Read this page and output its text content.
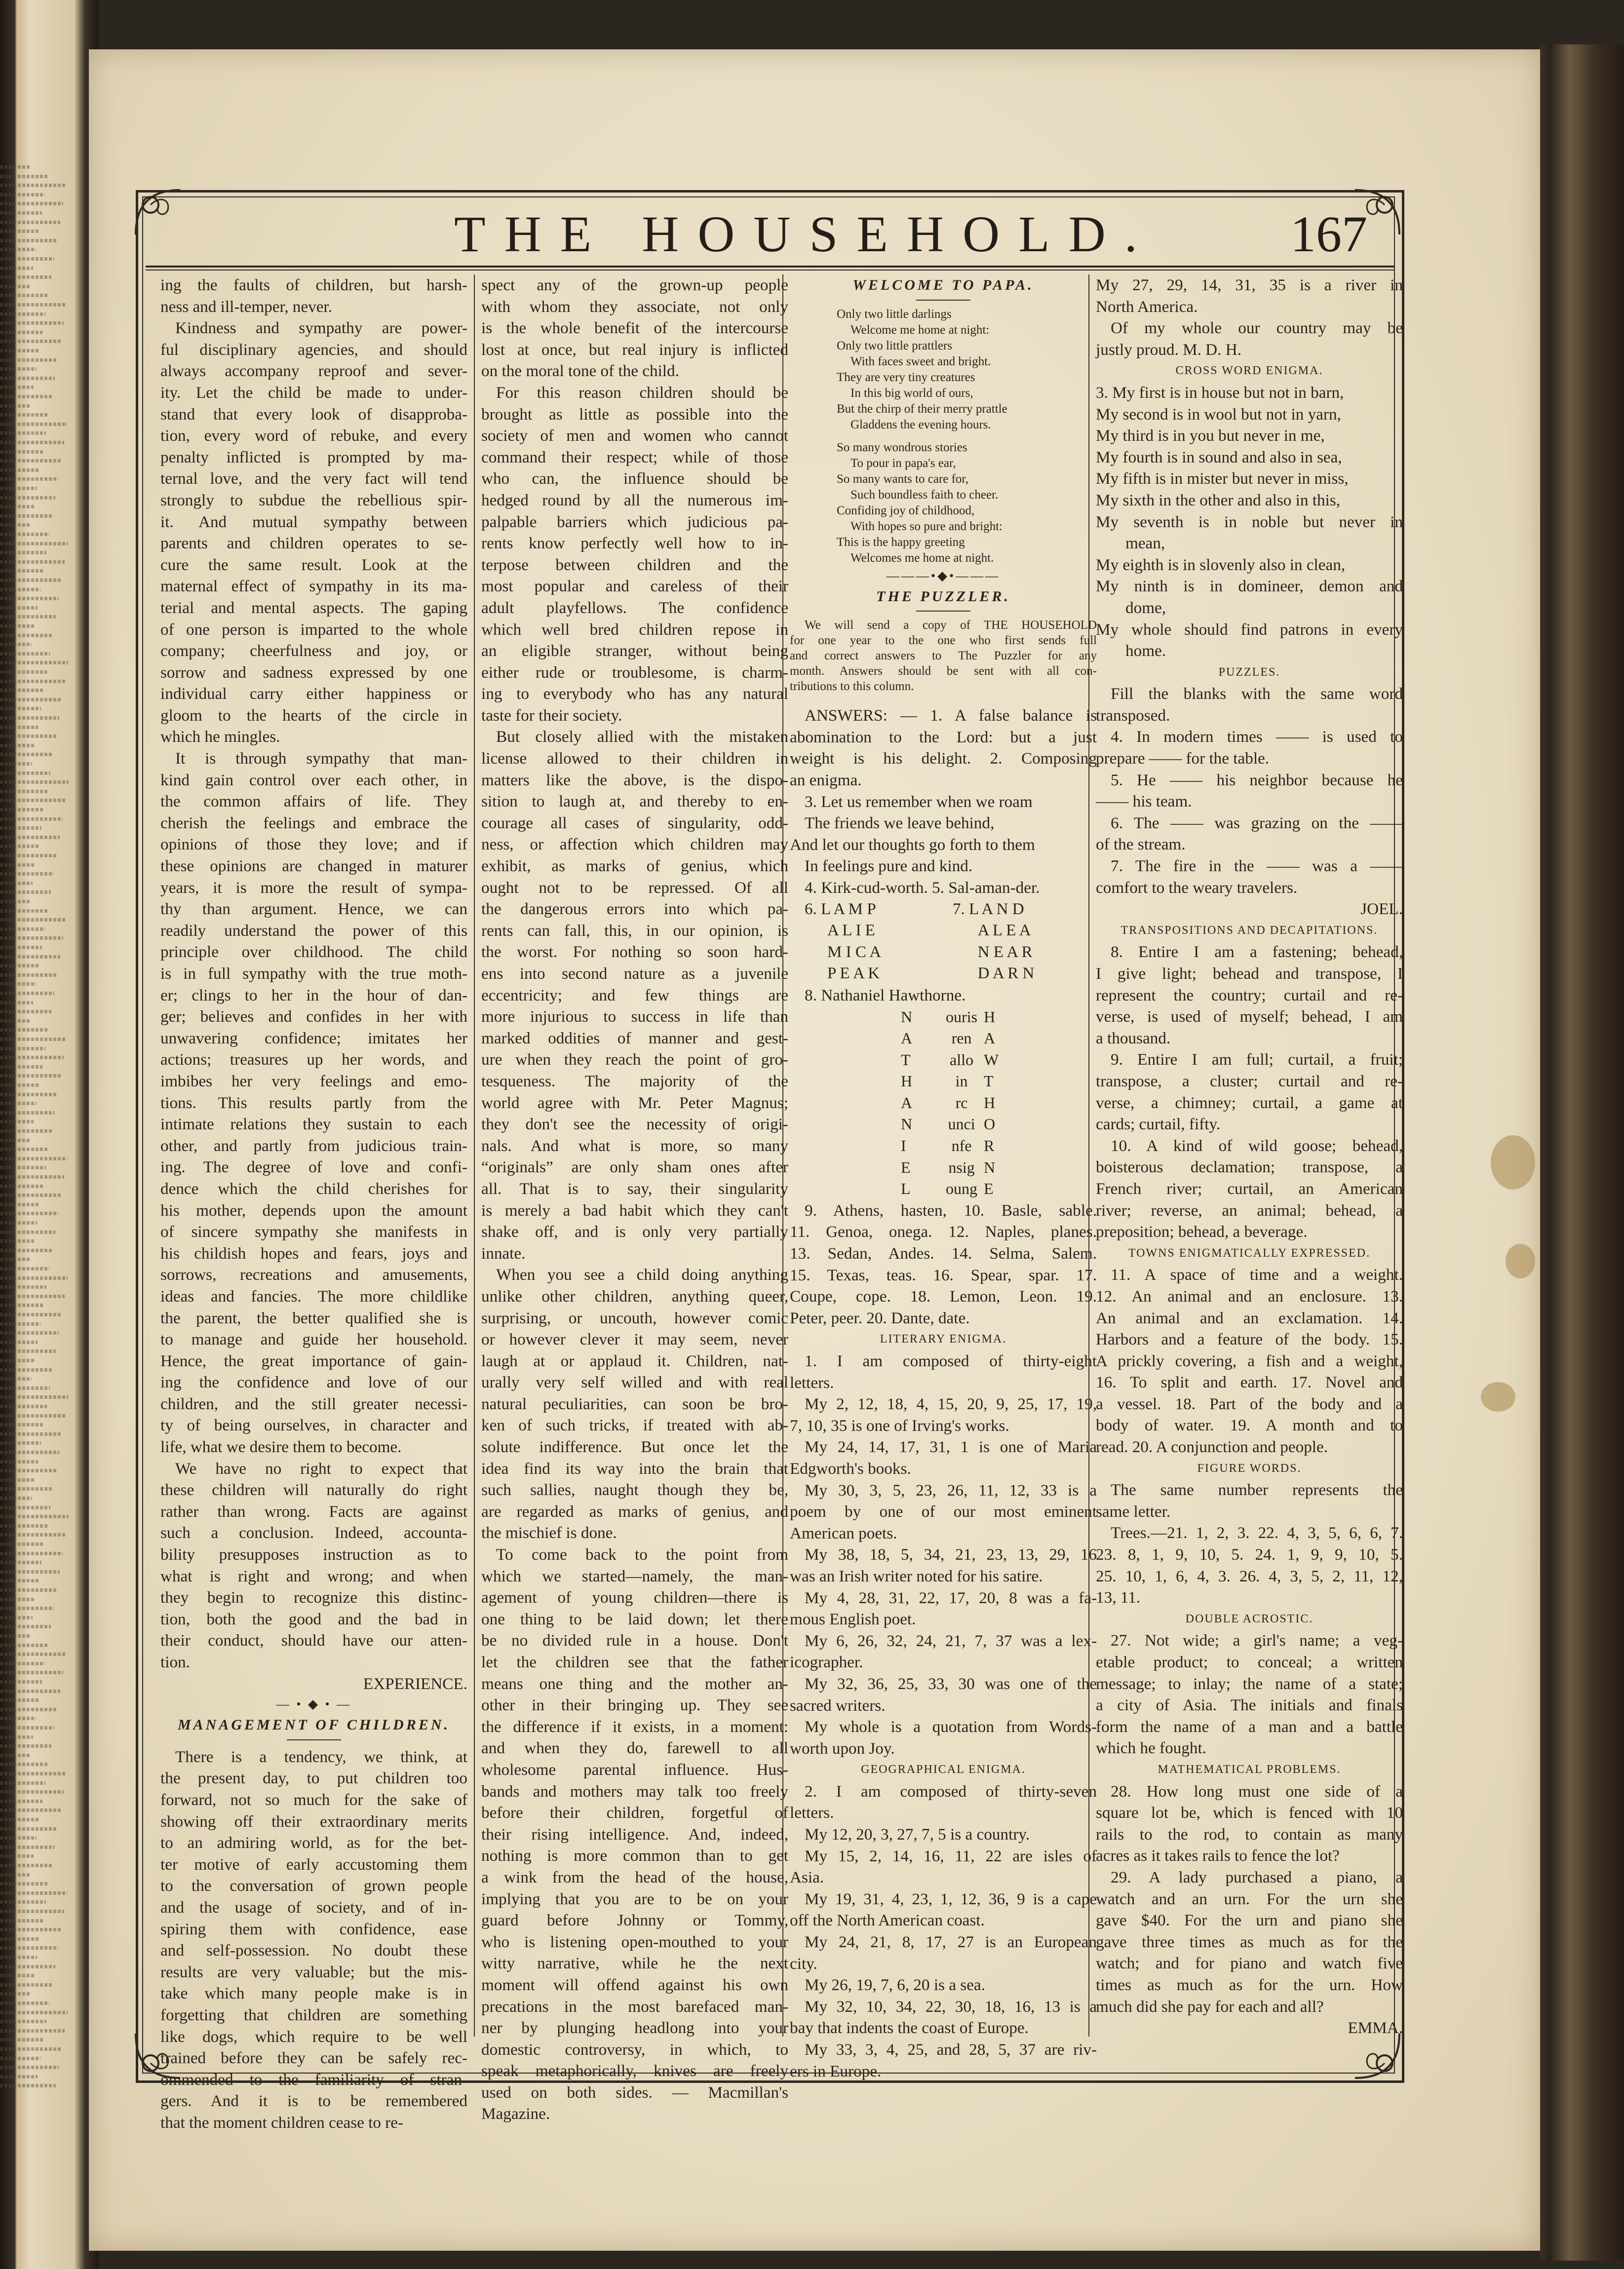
THE HOUSEHOLD.	167
ing the faults of children, but harsh-
ness and ill-temper, never.
Kindness and sympathy are power-
ful disciplinary agencies, and should
always accompany reproof and sever-
ity. Let the child be made to under-
stand that every look of disapproba-
tion, every word of rebuke, and every
penalty inflicted is prompted by ma-
ternal love, and the very fact will tend
strongly to subdue the rebellious spir-
it. And mutual sympathy between
parents and children operates to se-
cure the same result. Look at the
maternal effect of sympathy in its ma-
terial and mental aspects. The gaping
of one person is imparted to the whole
company; cheerfulness and joy, or
sorrow and sadness expressed by one
individual carry either happiness or
gloom to the hearts of the circle in
which he mingles.
It is through sympathy that man-
kind gain control over each other, in
the common affairs of life. They
cherish the feelings and embrace the
opinions of those they love; and if
these opinions are changed in maturer
years, it is more the result of sympa-
thy than argument. Hence, we can
readily understand the power of this
principle over childhood. The child
is in full sympathy with the true moth-
er; clings to her in the hour of dan-
ger; believes and confides in her with
unwavering confidence; imitates her
actions; treasures up her words, and
imbibes her very feelings and emo-
tions. This results partly from the
intimate relations they sustain to each
other, and partly from judicious train-
ing. The degree of love and confi-
dence which the child cherishes for
his mother, depends upon the amount
of sincere sympathy she manifests in
his childish hopes and fears, joys and
sorrows, recreations and amusements,
ideas and fancies. The more childlike
the parent, the better qualified she is
to manage and guide her household.
Hence, the great importance of gain-
ing the confidence and love of our
children, and the still greater necessi-
ty of being ourselves, in character and
life, what we desire them to become.
We have no right to expect that
these children will naturally do right
rather than wrong. Facts are against
such a conclusion. Indeed, accounta-
bility presupposes instruction as to
what is right and wrong; and when
they begin to recognize this distinc-
tion, both the good and the bad in
their conduct, should have our atten-
tion.
EXPERIENCE.
— • ◆ • —
MANAGEMENT OF CHILDREN.
There is a tendency, we think, at
the present day, to put children too
forward, not so much for the sake of
showing off their extraordinary merits
to an admiring world, as for the bet-
ter motive of early accustoming them
to the conversation of grown people
and the usage of society, and of in-
spiring them with confidence, ease
and self-possession. No doubt these
results are very valuable; but the mis-
take which many people make is in
forgetting that children are something
like dogs, which require to be well
trained before they can be safely rec-
ommended to the familiarity of stran-
gers. And it is to be remembered
that the moment children cease to re-
spect any of the grown-up people
with whom they associate, not only
is the whole benefit of the intercourse
lost at once, but real injury is inflicted
on the moral tone of the child.
For this reason children should be
brought as little as possible into the
society of men and women who cannot
command their respect; while of those
who can, the influence should be
hedged round by all the numerous im-
palpable barriers which judicious pa-
rents know perfectly well how to in-
terpose between children and the
most popular and careless of their
adult playfellows. The confidence
which well bred children repose in
an eligible stranger, without being
either rude or troublesome, is charm-
ing to everybody who has any natural
taste for their society.
But closely allied with the mistaken
license allowed to their children in
matters like the above, is the dispo-
sition to laugh at, and thereby to en-
courage all cases of singularity, odd-
ness, or affection which children may
exhibit, as marks of genius, which
ought not to be repressed. Of all
the dangerous errors into which pa-
rents can fall, this, in our opinion, is
the worst. For nothing so soon hard-
ens into second nature as a juvenile
eccentricity; and few things are
more injurious to success in life than
marked oddities of manner and gest-
ure when they reach the point of gro-
tesqueness. The majority of the
world agree with Mr. Peter Magnus;
they don't see the necessity of origi-
nals. And what is more, so many
“originals” are only sham ones after
all. That is to say, their singularity
is merely a bad habit which they can't
shake off, and is only very partially
innate.
When you see a child doing anything
unlike other children, anything queer,
surprising, or uncouth, however comic
or however clever it may seem, never
laugh at or applaud it. Children, nat-
urally very self willed and with real
natural peculiarities, can soon be bro-
ken of such tricks, if treated with ab-
solute indifference. But once let the
idea find its way into the brain that
such sallies, naught though they be,
are regarded as marks of genius, and
the mischief is done.
To come back to the point from
which we started—namely, the man-
agement of young children—there is
one thing to be laid down; let there
be no divided rule in a house. Don't
let the children see that the father
means one thing and the mother an-
other in their bringing up. They see
the difference if it exists, in a moment:
and when they do, farewell to all
wholesome parental influence. Hus-
bands and mothers may talk too freely
before their children, forgetful of
their rising intelligence. And, indeed,
nothing is more common than to get
a wink from the head of the house,
implying that you are to be on your
guard before Johnny or Tommy,
who is listening open-mouthed to your
witty narrative, while he the next
moment will offend against his own
precations in the most barefaced man-
ner by plunging headlong into your
domestic controversy, in which, to
speak metaphorically, knives are freely
used on both sides. — Macmillan's
Magazine.
WELCOME TO PAPA.
Only two little darlings
Welcome me home at night:
Only two little prattlers
With faces sweet and bright.
They are very tiny creatures
In this big world of ours,
But the chirp of their merry prattle
Gladdens the evening hours.
So many wondrous stories
To pour in papa's ear,
So many wants to care for,
Such boundless faith to cheer.
Confiding joy of childhood,
With hopes so pure and bright:
This is the happy greeting
Welcomes me home at night.
———•◆•———
THE PUZZLER.
We will send a copy of THE HOUSEHOLD
for one year to the one who first sends full
and correct answers to The Puzzler for any
month. Answers should be sent with all con-
tributions to this column.
ANSWERS: — 1. A false balance is
abomination to the Lord: but a just
weight is his delight. 2. Composing
an enigma.
3. Let us remember when we roam
The friends we leave behind,
And let our thoughts go forth to them
In feelings pure and kind.
4. Kirk-cud-worth. 5. Sal-aman-der.
6. L A M P	7. L A N D
A L I E	A L E A
M I C A	N E A R
P E A K	D A R N
8. Nathaniel Hawthorne.
N ouris H
A ren A
T allo W
H	in T
A	rc H
N unci O
I	nfe R
E nsig N
L oung E
9. Athens, hasten, 10. Basle, sable.
11. Genoa, onega. 12. Naples, planes.
13. Sedan, Andes. 14. Selma, Salem.
15. Texas, teas. 16. Spear, spar. 17.
Coupe, cope. 18. Lemon, Leon. 19.
Peter, peer. 20. Dante, date.
LITERARY ENIGMA.
1. I am composed of thirty-eight
letters.
My 2, 12, 18, 4, 15, 20, 9, 25, 17, 19,
7, 10, 35 is one of Irving's works.
My 24, 14, 17, 31, 1 is one of Maria
Edgworth's books.
My 30, 3, 5, 23, 26, 11, 12, 33 is a
poem by one of our most eminent
American poets.
My 38, 18, 5, 34, 21, 23, 13, 29, 16
was an Irish writer noted for his satire.
My 4, 28, 31, 22, 17, 20, 8 was a fa-
mous English poet.
My 6, 26, 32, 24, 21, 7, 37 was a lex-
icographer.
My 32, 36, 25, 33, 30 was one of the
sacred writers.
My whole is a quotation from Words-
worth upon Joy.
GEOGRAPHICAL ENIGMA.
2. I am composed of thirty-seven
letters.
My 12, 20, 3, 27, 7, 5 is a country.
My 15, 2, 14, 16, 11, 22 are isles of
Asia.
My 19, 31, 4, 23, 1, 12, 36, 9 is a cape
off the North American coast.
My 24, 21, 8, 17, 27 is an European
city.
My 26, 19, 7, 6, 20 is a sea.
My 32, 10, 34, 22, 30, 18, 16, 13 is a
bay that indents the coast of Europe.
My 33, 3, 4, 25, and 28, 5, 37 are riv-
ers in Europe.
My 27, 29, 14, 31, 35 is a river in
North America.
Of my whole our country may be
justly proud. M. D. H.
CROSS WORD ENIGMA.
3. My first is in house but not in barn,
My second is in wool but not in yarn,
My third is in you but never in me,
My fourth is in sound and also in sea,
My fifth is in mister but never in miss,
My sixth in the other and also in this,
My seventh is in noble but never in
mean,
My eighth is in slovenly also in clean,
My ninth is in domineer, demon and
dome,
My whole should find patrons in every
home.
PUZZLES.
Fill the blanks with the same word
transposed.
4. In modern times —— is used to
prepare —— for the table.
5. He —— his neighbor because he
—— his team.
6. The —— was grazing on the ——
of the stream.
7. The fire in the —— was a ——
comfort to the weary travelers.
JOEL.
TRANSPOSITIONS AND DECAPITATIONS.
8. Entire I am a fastening; behead,
I give light; behead and transpose, I
represent the country; curtail and re-
verse, is used of myself; behead, I am
a thousand.
9. Entire I am full; curtail, a fruit;
transpose, a cluster; curtail and re-
verse, a chimney; curtail, a game at
cards; curtail, fifty.
10. A kind of wild goose; behead,
boisterous declamation; transpose, a
French river; curtail, an American
river; reverse, an animal; behead, a
preposition; behead, a beverage.
TOWNS ENIGMATICALLY EXPRESSED.
11. A space of time and a weight.
12. An animal and an enclosure. 13.
An animal and an exclamation. 14.
Harbors and a feature of the body. 15.
A prickly covering, a fish and a weight,
16. To split and earth. 17. Novel and
a vessel. 18. Part of the body and a
body of water. 19. A month and to
read. 20. A conjunction and people.
FIGURE WORDS.
The same number represents the
same letter.
Trees.—21. 1, 2, 3. 22. 4, 3, 5, 6, 6, 7.
23. 8, 1, 9, 10, 5. 24. 1, 9, 9, 10, 5.
25. 10, 1, 6, 4, 3. 26. 4, 3, 5, 2, 11, 12,
13, 11.
DOUBLE ACROSTIC.
27. Not wide; a girl's name; a veg-
etable product; to conceal; a written
message; to inlay; the name of a state;
a city of Asia. The initials and finals
form the name of a man and a battle
which he fought.
MATHEMATICAL PROBLEMS.
28. How long must one side of a
square lot be, which is fenced with 10
rails to the rod, to contain as many
acres as it takes rails to fence the lot?
29. A lady purchased a piano, a
watch and an urn. For the urn she
gave $40. For the urn and piano she
gave three times as much as for the
watch; and for piano and watch five
times as much as for the urn. How
much did she pay for each and all?
EMMA.
